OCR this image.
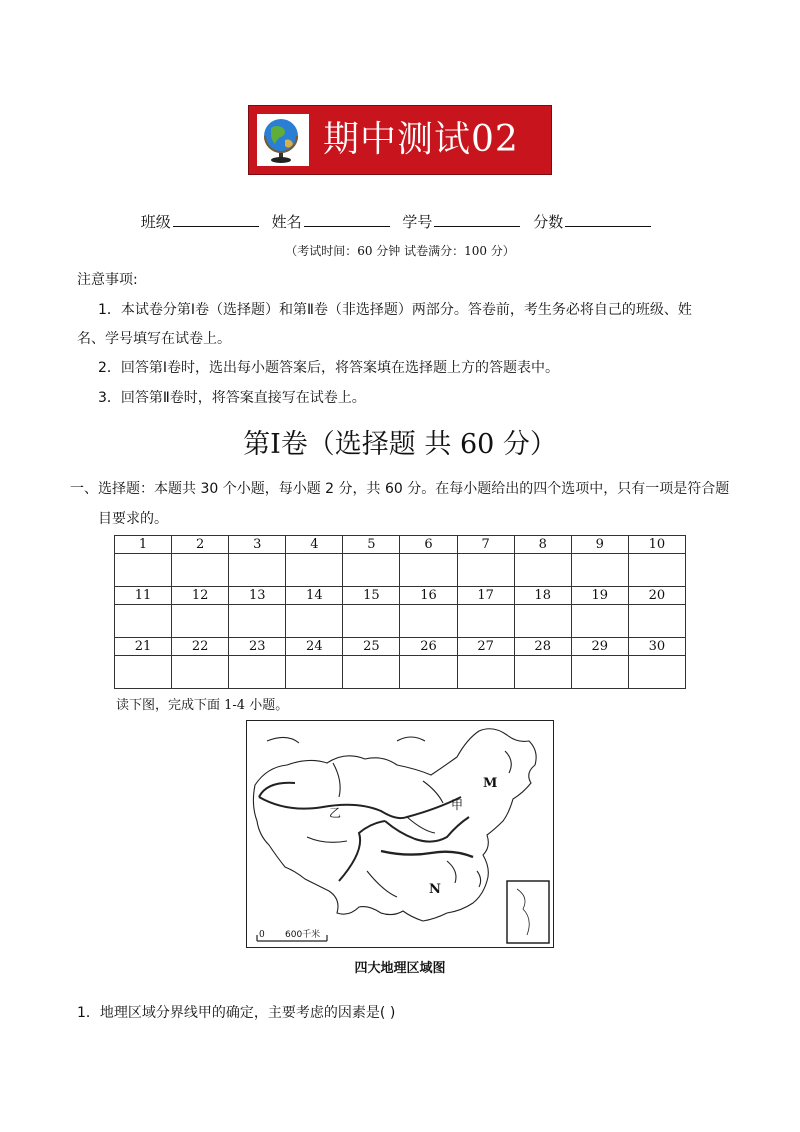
期中测试02
班级	姓名	学号	分数
（考试时间：60 分钟 试卷满分：100 分）
注意事项:
1．本试卷分第Ⅰ卷（选择题）和第Ⅱ卷（非选择题）两部分。答卷前，考生务必将自己的班级、姓
名、学号填写在试卷上。
2．回答第Ⅰ卷时，选出每小题答案后，将答案填在选择题上方的答题表中。
3．回答第Ⅱ卷时，将答案直接写在试卷上。
第Ⅰ卷（选择题 共 60 分）
一、选择题：本题共 30 个小题，每小题 2 分，共 60 分。在每小题给出的四个选项中，只有一项是符合题
目要求的。
1	2	3	4	5	6	7	8	9	10

11	12	13	14	15	16	17	18	19	20

21	22	23	24	25	26	27	28	29	30

读下图，完成下面 1-4 小题。
M
甲
乙
N
0 600千米
四大地理区域图
1．地理区域分界线甲的确定，主要考虑的因素是( )
